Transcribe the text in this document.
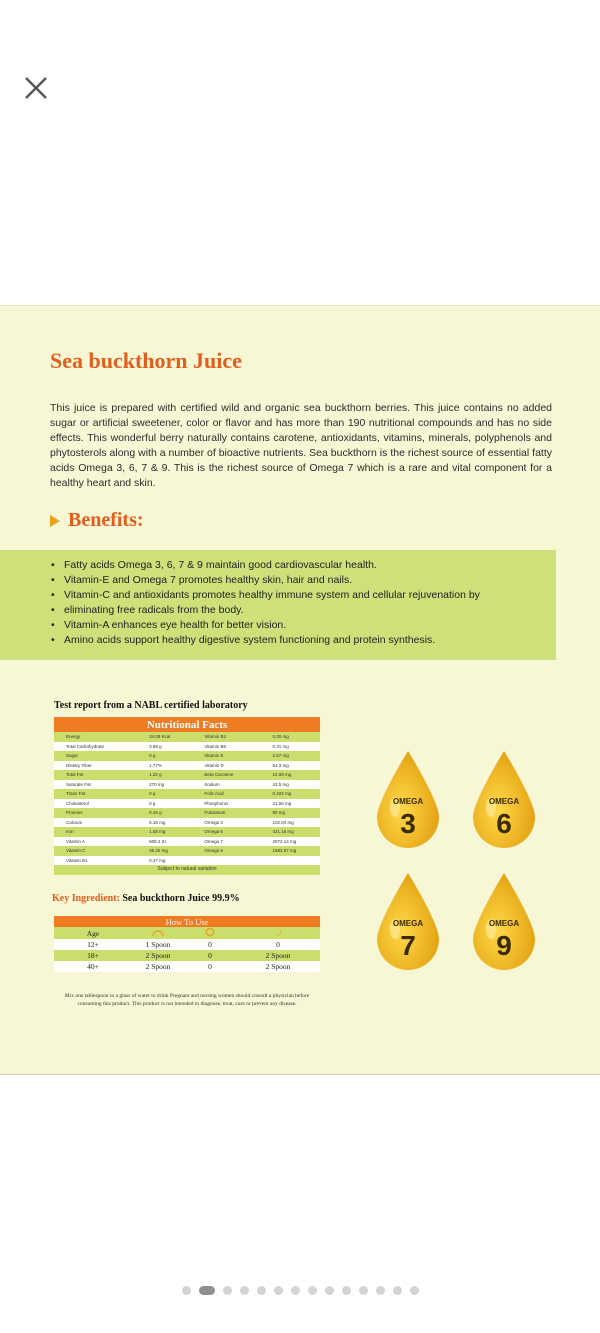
Sea buckthorn Juice

This juice is prepared with certified wild and organic sea buckthorn berries. This juice contains no added sugar or artificial sweetener, color or flavor and has more than 190 nutritional compounds and has no side effects. This wonderful berry naturally contains carotene, antioxidants, vitamins, minerals, polyphenols and phytosterols along with a number of bioactive nutrients. Sea buckthorn is the richest source of essential fatty acids Omega 3, 6, 7 & 9. This is the richest source of Omega 7 which is a rare and vital component for a healthy heart and skin.

Benefits:
• Fatty acids Omega 3, 6, 7 & 9 maintain good cardiovascular health.
• Vitamin-E and Omega 7 promotes healthy skin, hair and nails.
• Vitamin-C and antioxidants promotes healthy immune system and cellular rejuvenation by
• eliminating free radicals from the body.
• Vitamin-A enhances eye health for better vision.
• Amino acids support healthy digestive system functioning and protein synthesis.

Test report from a NABL certified laboratory

Nutritional Facts			
Energy	34.08 Kcal	Vitamin B2	0.30 mg
Total Carbohydrate	3.88 g	Vitamin B6	0.31 mg
Sugar	0 g	Vitamin E	2.57 mg
Dietary Fiber	1.77%	Vitamin D	54.3 mg
Total Fat	1.22 g	Beta Carotene	12.68 mg
Saturate Fat	270 mg	Sodium	43.5 mg
Trans Fat	0 g	Folic Acid	0.422 mg
Cholesterol	0 g	Phosphorus	21.56 mg
Proteins	0.45 g	Potassium	90 mg
Calcium	5.16 mg	Omega 3	102.04 mg
Iron	1.58 mg	Omega 6	421.16 mg
Vitamin A	608.2 IU	Omega 7	2072.14 mg
Vitamin C	35.25 mg	Omega 9	1683.57 mg
Vitamin B1	0.27 mg		
Subject to natural variation			

Key Ingredient: Sea buckthorn Juice 99.9%

How To Use			
Age			
12+	1 Spoon	0	0
18+	2 Spoon	0	2 Spoon
40+	2 Spoon	0	2 Spoon

Mix one tablespoon in a glass of water to drink Pregnant and nursing women should consult a physician before consuming this product. This product is not intended to diagnose, treat, cure or prevent any disease.

OMEGA
3
OMEGA
6
OMEGA
7
OMEGA
9
